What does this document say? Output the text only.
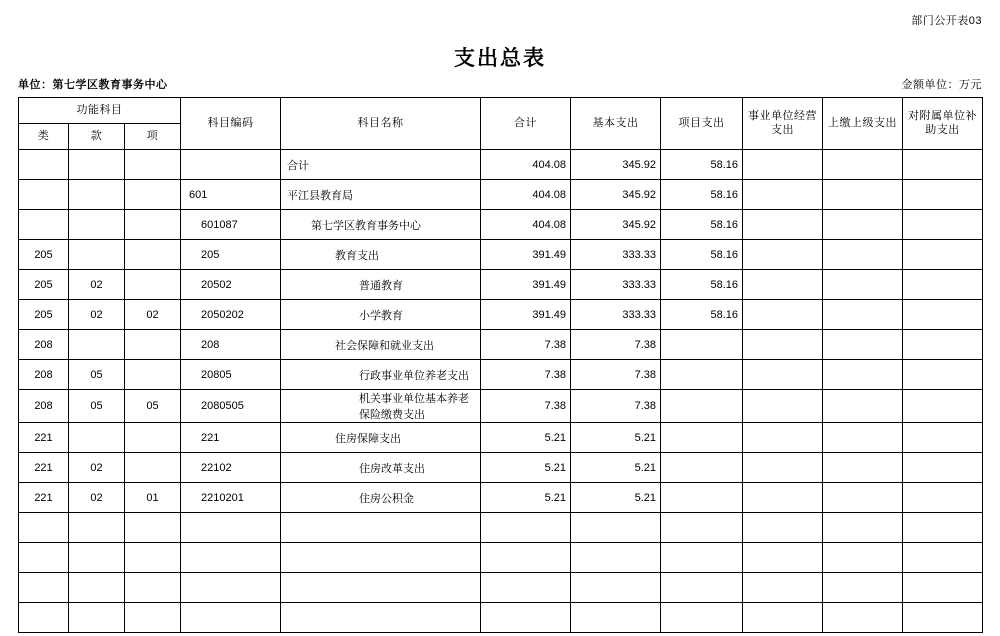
部门公开表03
支出总表
单位：第七学区教育事务中心	金额单位：万元
功能科目			科目编码	科目名称	合计	基本支出	项目支出	事业单位经营支出	上缴上级支出	对附属单位补助支出
类	款	项								
				合计	404.08	345.92	58.16			
			601	平江县教育局	404.08	345.92	58.16			
			601087	第七学区教育事务中心	404.08	345.92	58.16			
205			205	教育支出	391.49	333.33	58.16			
205	02		20502	普通教育	391.49	333.33	58.16			
205	02	02	2050202	小学教育	391.49	333.33	58.16			
208			208	社会保障和就业支出	7.38	7.38				
208	05		20805	行政事业单位养老支出	7.38	7.38				
208	05	05	2080505	机关事业单位基本养老保险缴费支出	7.38	7.38				
221			221	住房保障支出	5.21	5.21				
221	02		22102	住房改革支出	5.21	5.21				
221	02	01	2210201	住房公积金	5.21	5.21				
